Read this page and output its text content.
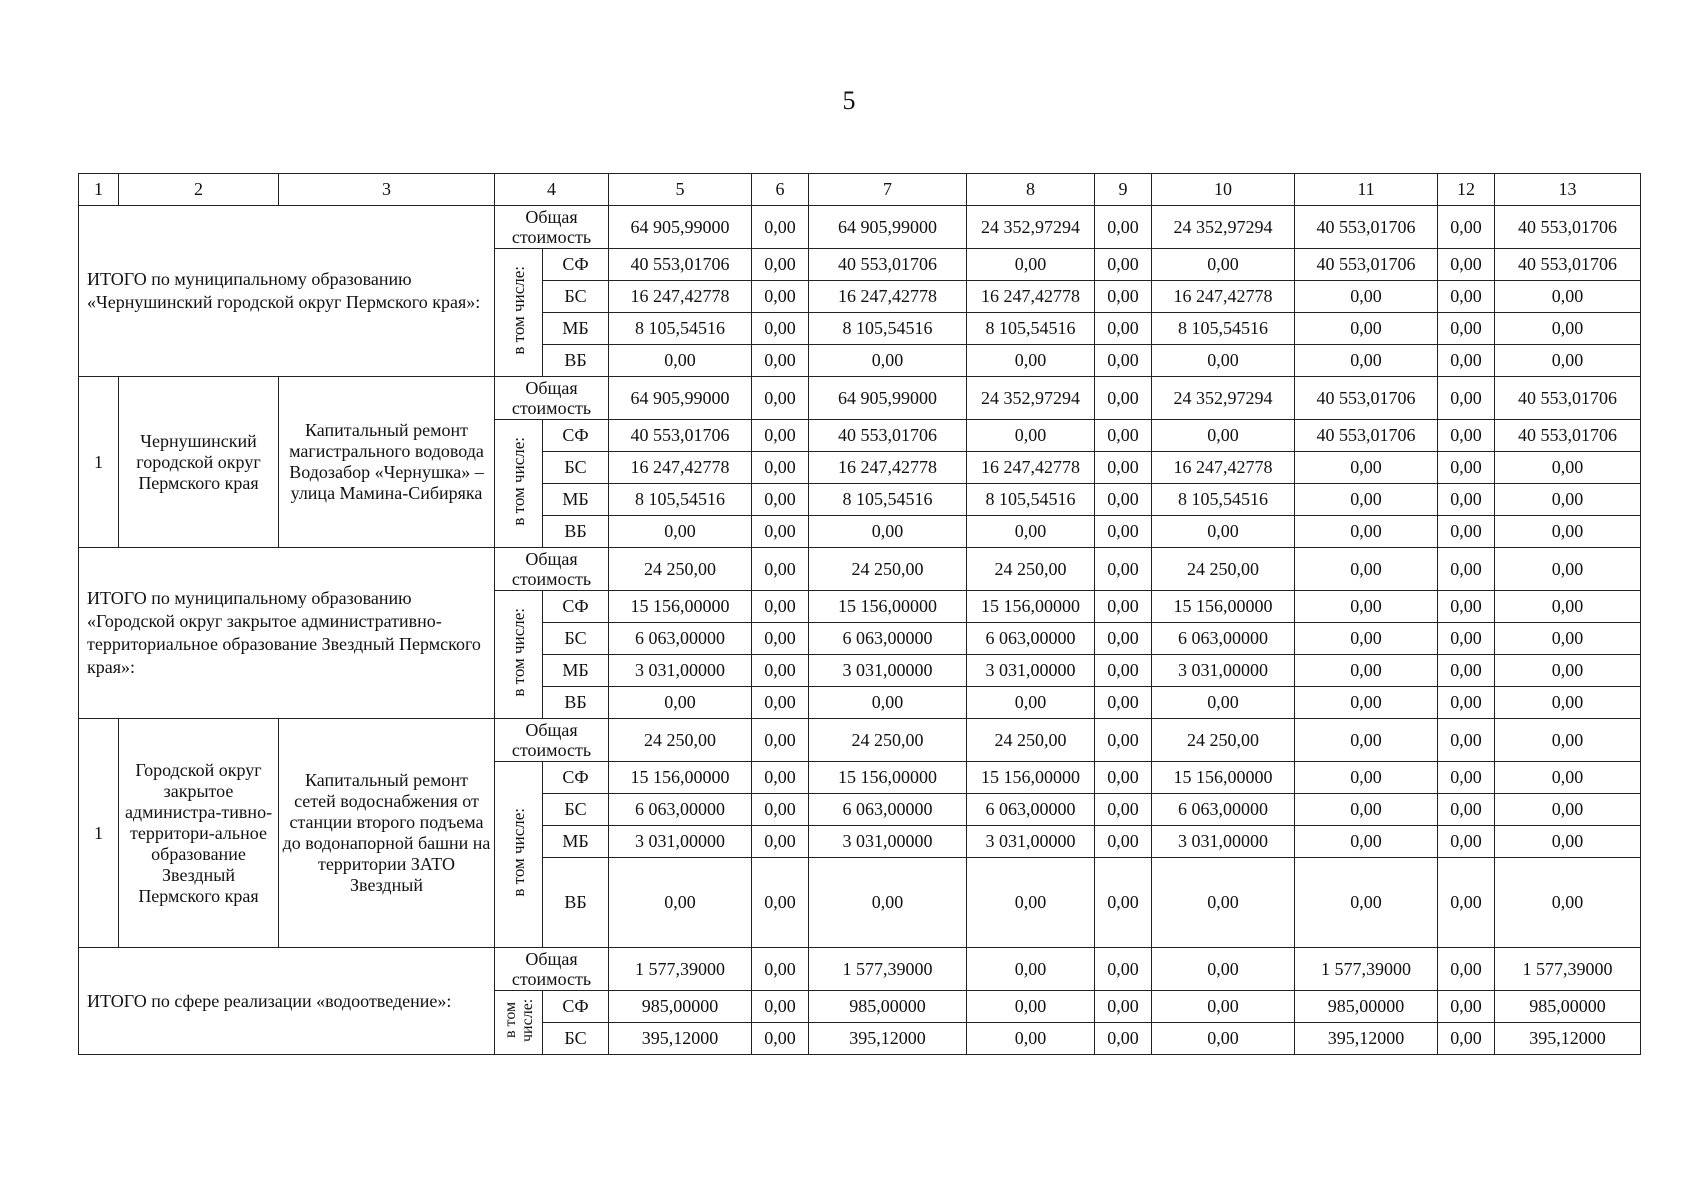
5
1	2	3	4		5	6	7	8	9	10	11	12	13
ИТОГО по муниципальному образованию «Чернушинский городской округ Пермского края»:			Общая стоимость		64 905,99000	0,00	64 905,99000	24 352,97294	0,00	24 352,97294	40 553,01706	0,00	40 553,01706
			в том числе:	СФ	40 553,01706	0,00	40 553,01706	0,00	0,00	0,00	40 553,01706	0,00	40 553,01706
				БС	16 247,42778	0,00	16 247,42778	16 247,42778	0,00	16 247,42778	0,00	0,00	0,00
				МБ	8 105,54516	0,00	8 105,54516	8 105,54516	0,00	8 105,54516	0,00	0,00	0,00
				ВБ	0,00	0,00	0,00	0,00	0,00	0,00	0,00	0,00	0,00
1	Чернушинский городской округ Пермского края	Капитальный ремонт магистрального водовода Водозабор «Чернушка» – улица Мамина-Сибиряка	Общая стоимость		64 905,99000	0,00	64 905,99000	24 352,97294	0,00	24 352,97294	40 553,01706	0,00	40 553,01706
			в том числе:	СФ	40 553,01706	0,00	40 553,01706	0,00	0,00	0,00	40 553,01706	0,00	40 553,01706
				БС	16 247,42778	0,00	16 247,42778	16 247,42778	0,00	16 247,42778	0,00	0,00	0,00
				МБ	8 105,54516	0,00	8 105,54516	8 105,54516	0,00	8 105,54516	0,00	0,00	0,00
				ВБ	0,00	0,00	0,00	0,00	0,00	0,00	0,00	0,00	0,00
ИТОГО по муниципальному образованию «Городской округ закрытое административно-территориальное образование Звездный Пермского края»:			Общая стоимость		24 250,00	0,00	24 250,00	24 250,00	0,00	24 250,00	0,00	0,00	0,00
			в том числе:	СФ	15 156,00000	0,00	15 156,00000	15 156,00000	0,00	15 156,00000	0,00	0,00	0,00
				БС	6 063,00000	0,00	6 063,00000	6 063,00000	0,00	6 063,00000	0,00	0,00	0,00
				МБ	3 031,00000	0,00	3 031,00000	3 031,00000	0,00	3 031,00000	0,00	0,00	0,00
				ВБ	0,00	0,00	0,00	0,00	0,00	0,00	0,00	0,00	0,00
1	Городской округ закрытое администра-тивно-территори-альное образование Звездный Пермского края	Капитальный ремонт сетей водоснабжения от станции второго подъема до водонапорной башни на территории ЗАТО Звездный	Общая стоимость		24 250,00	0,00	24 250,00	24 250,00	0,00	24 250,00	0,00	0,00	0,00
			в том числе:	СФ	15 156,00000	0,00	15 156,00000	15 156,00000	0,00	15 156,00000	0,00	0,00	0,00
				БС	6 063,00000	0,00	6 063,00000	6 063,00000	0,00	6 063,00000	0,00	0,00	0,00
				МБ	3 031,00000	0,00	3 031,00000	3 031,00000	0,00	3 031,00000	0,00	0,00	0,00
				ВБ	0,00	0,00	0,00	0,00	0,00	0,00	0,00	0,00	0,00
ИТОГО по сфере реализации «водоотведение»:			Общая стоимость		1 577,39000	0,00	1 577,39000	0,00	0,00	0,00	1 577,39000	0,00	1 577,39000
			в том числе:	СФ	985,00000	0,00	985,00000	0,00	0,00	0,00	985,00000	0,00	985,00000
				БС	395,12000	0,00	395,12000	0,00	0,00	0,00	395,12000	0,00	395,12000
